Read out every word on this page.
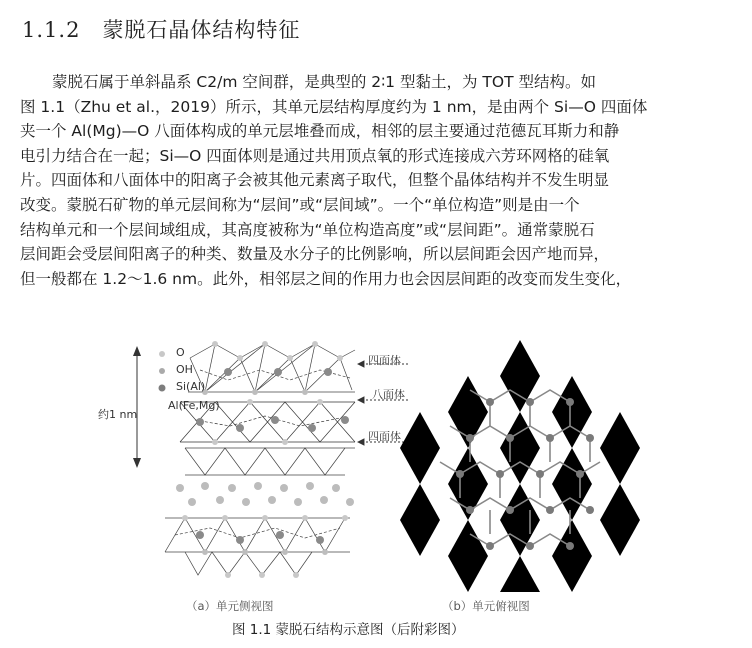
1.1.2 蒙脱石晶体结构特征
蒙脱石属于单斜晶系 C2/m 空间群，是典型的 2∶1 型黏土，为 TOT 型结构。如
图 1.1（Zhu et al.，2019）所示，其单元层结构厚度约为 1 nm，是由两个 Si—O 四面体
夹一个 Al(Mg)—O 八面体构成的单元层堆叠而成，相邻的层主要通过范德瓦耳斯力和静
电引力结合在一起；Si—O 四面体则是通过共用顶点氧的形式连接成六芳环网格的硅氧
片。四面体和八面体中的阳离子会被其他元素离子取代，但整个晶体结构并不发生明显
改变。蒙脱石矿物的单元层间称为“层间”或“层间域”。一个“单位构造”则是由一个
结构单元和一个层间域组成，其高度被称为“单位构造高度”或“层间距”。通常蒙脱石
层间距会受层间阳离子的种类、数量及水分子的比例影响，所以层间距会因产地而异，
但一般都在 1.2～1.6 nm。此外，相邻层之间的作用力也会因层间距的改变而发生变化，
O
OH
Si(Al)
Al(Fe,Mg)
约1 nm
四面体
八面体
四面体
（a）单元侧视图	（b）单元俯视图
图 1.1 蒙脱石结构示意图（后附彩图）
